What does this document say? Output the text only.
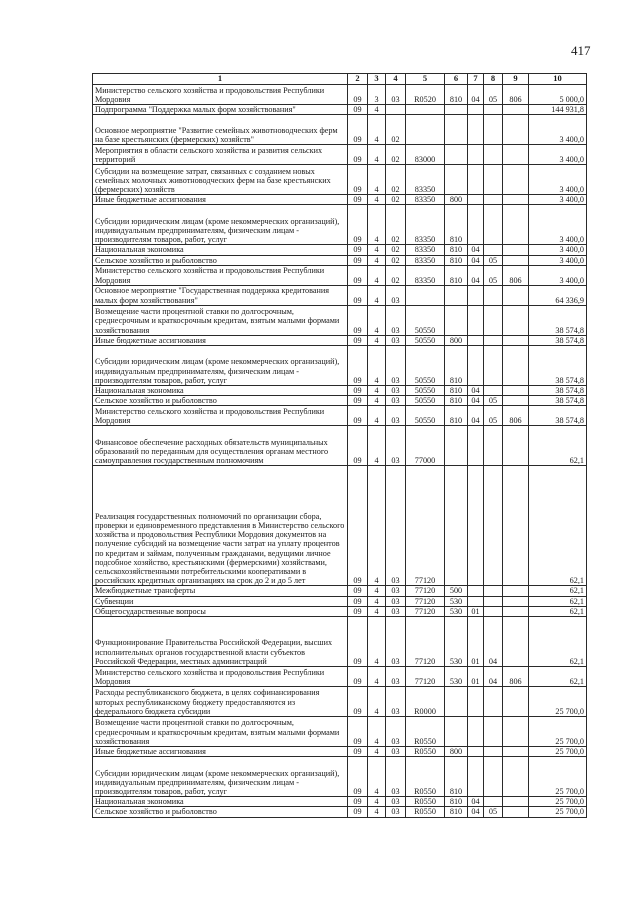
417
1	2	3	4	5	6	7	8	9	10
Министерство сельского хозяйства и продовольствия Республики Мордовия	09	3	03	R0520	810	04	05	806	5 000,0
Подпрограмма "Поддержка малых форм хозяйствования"	09	4							144 931,8
Основное мероприятие "Развитие семейных животноводческих ферм на базе крестьянских (фермерских) хозяйств"	09	4	02						3 400,0
Мероприятия в области сельского хозяйства и развития сельских территорий	09	4	02	83000					3 400,0
Субсидии на возмещение затрат, связанных с созданием новых семейных молочных животноводческих ферм на базе крестьянских (фермерских) хозяйств	09	4	02	83350					3 400,0
Иные бюджетные ассигнования	09	4	02	83350	800				3 400,0
Субсидии юридическим лицам (кроме некоммерческих организаций), индивидуальным предпринимателям, физическим лицам - производителям товаров, работ, услуг	09	4	02	83350	810				3 400,0
Национальная экономика	09	4	02	83350	810	04			3 400,0
Сельское хозяйство и рыболовство	09	4	02	83350	810	04	05		3 400,0
Министерство сельского хозяйства и продовольствия Республики Мордовия	09	4	02	83350	810	04	05	806	3 400,0
Основное мероприятие "Государственная поддержка кредитования малых форм хозяйствования"	09	4	03						64 336,9
Возмещение части процентной ставки по долгосрочным, среднесрочным и краткосрочным кредитам, взятым малыми формами хозяйствования	09	4	03	50550					38 574,8
Иные бюджетные ассигнования	09	4	03	50550	800				38 574,8
Субсидии юридическим лицам (кроме некоммерческих организаций), индивидуальным предпринимателям, физическим лицам - производителям товаров, работ, услуг	09	4	03	50550	810				38 574,8
Национальная экономика	09	4	03	50550	810	04			38 574,8
Сельское хозяйство и рыболовство	09	4	03	50550	810	04	05		38 574,8
Министерство сельского хозяйства и продовольствия Республики Мордовия	09	4	03	50550	810	04	05	806	38 574,8
Финансовое обеспечение расходных обязательств муниципальных образований по переданным для осуществления органам местного самоуправления государственным полномочиям	09	4	03	77000					62,1
Реализация государственных полномочий по организации сбора, проверки и единовременного представления в Министерство сельского хозяйства и продовольствия Республики Мордовия документов на получение субсидий на возмещение части затрат на уплату процентов по кредитам и займам, полученным гражданами, ведущими личное подсобное хозяйство, крестьянскими (фермерскими) хозяйствами, сельскохозяйственными потребительскими кооперативами в российских кредитных организациях на срок до 2 и до 5 лет	09	4	03	77120					62,1
Межбюджетные трансферты	09	4	03	77120	500				62,1
Субвенции	09	4	03	77120	530				62,1
Общегосударственные вопросы	09	4	03	77120	530	01			62,1
Функционирование Правительства Российской Федерации, высших исполнительных органов государственной власти субъектов Российской Федерации, местных администраций	09	4	03	77120	530	01	04		62,1
Министерство сельского хозяйства и продовольствия Республики Мордовия	09	4	03	77120	530	01	04	806	62,1
Расходы республиканского бюджета, в целях софинансирования которых республиканскому бюджету предоставляются из федерального бюджета субсидии	09	4	03	R0000					25 700,0
Возмещение части процентной ставки по долгосрочным, среднесрочным и краткосрочным кредитам, взятым малыми формами хозяйствования	09	4	03	R0550					25 700,0
Иные бюджетные ассигнования	09	4	03	R0550	800				25 700,0
Субсидии юридическим лицам (кроме некоммерческих организаций), индивидуальным предпринимателям, физическим лицам - производителям товаров, работ, услуг	09	4	03	R0550	810				25 700,0
Национальная экономика	09	4	03	R0550	810	04			25 700,0
Сельское хозяйство и рыболовство	09	4	03	R0550	810	04	05		25 700,0
